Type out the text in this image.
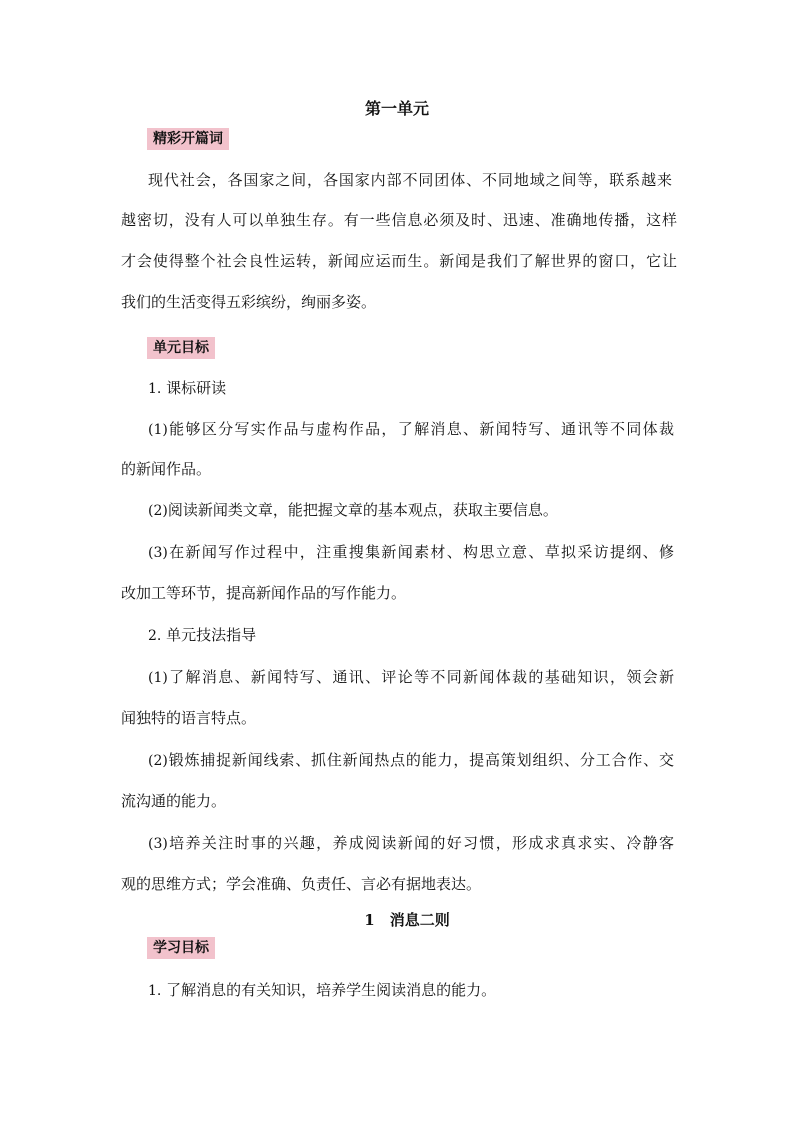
第一单元
精彩开篇词
现代社会，各国家之间，各国家内部不同团体、不同地域之间等，联系越来
越密切，没有人可以单独生存。有一些信息必须及时、迅速、准确地传播，这样
才会使得整个社会良性运转，新闻应运而生。新闻是我们了解世界的窗口，它让
我们的生活变得五彩缤纷，绚丽多姿。
单元目标
1. 课标研读
(1)能够区分写实作品与虚构作品，了解消息、新闻特写、通讯等不同体裁
的新闻作品。
(2)阅读新闻类文章，能把握文章的基本观点，获取主要信息。
(3)在新闻写作过程中，注重搜集新闻素材、构思立意、草拟采访提纲、修
改加工等环节，提高新闻作品的写作能力。
2. 单元技法指导
(1)了解消息、新闻特写、通讯、评论等不同新闻体裁的基础知识，领会新
闻独特的语言特点。
(2)锻炼捕捉新闻线索、抓住新闻热点的能力，提高策划组织、分工合作、交
流沟通的能力。
(3)培养关注时事的兴趣，养成阅读新闻的好习惯，形成求真求实、冷静客
观的思维方式；学会准确、负责任、言必有据地表达。
1　消息二则
学习目标
1. 了解消息的有关知识，培养学生阅读消息的能力。
